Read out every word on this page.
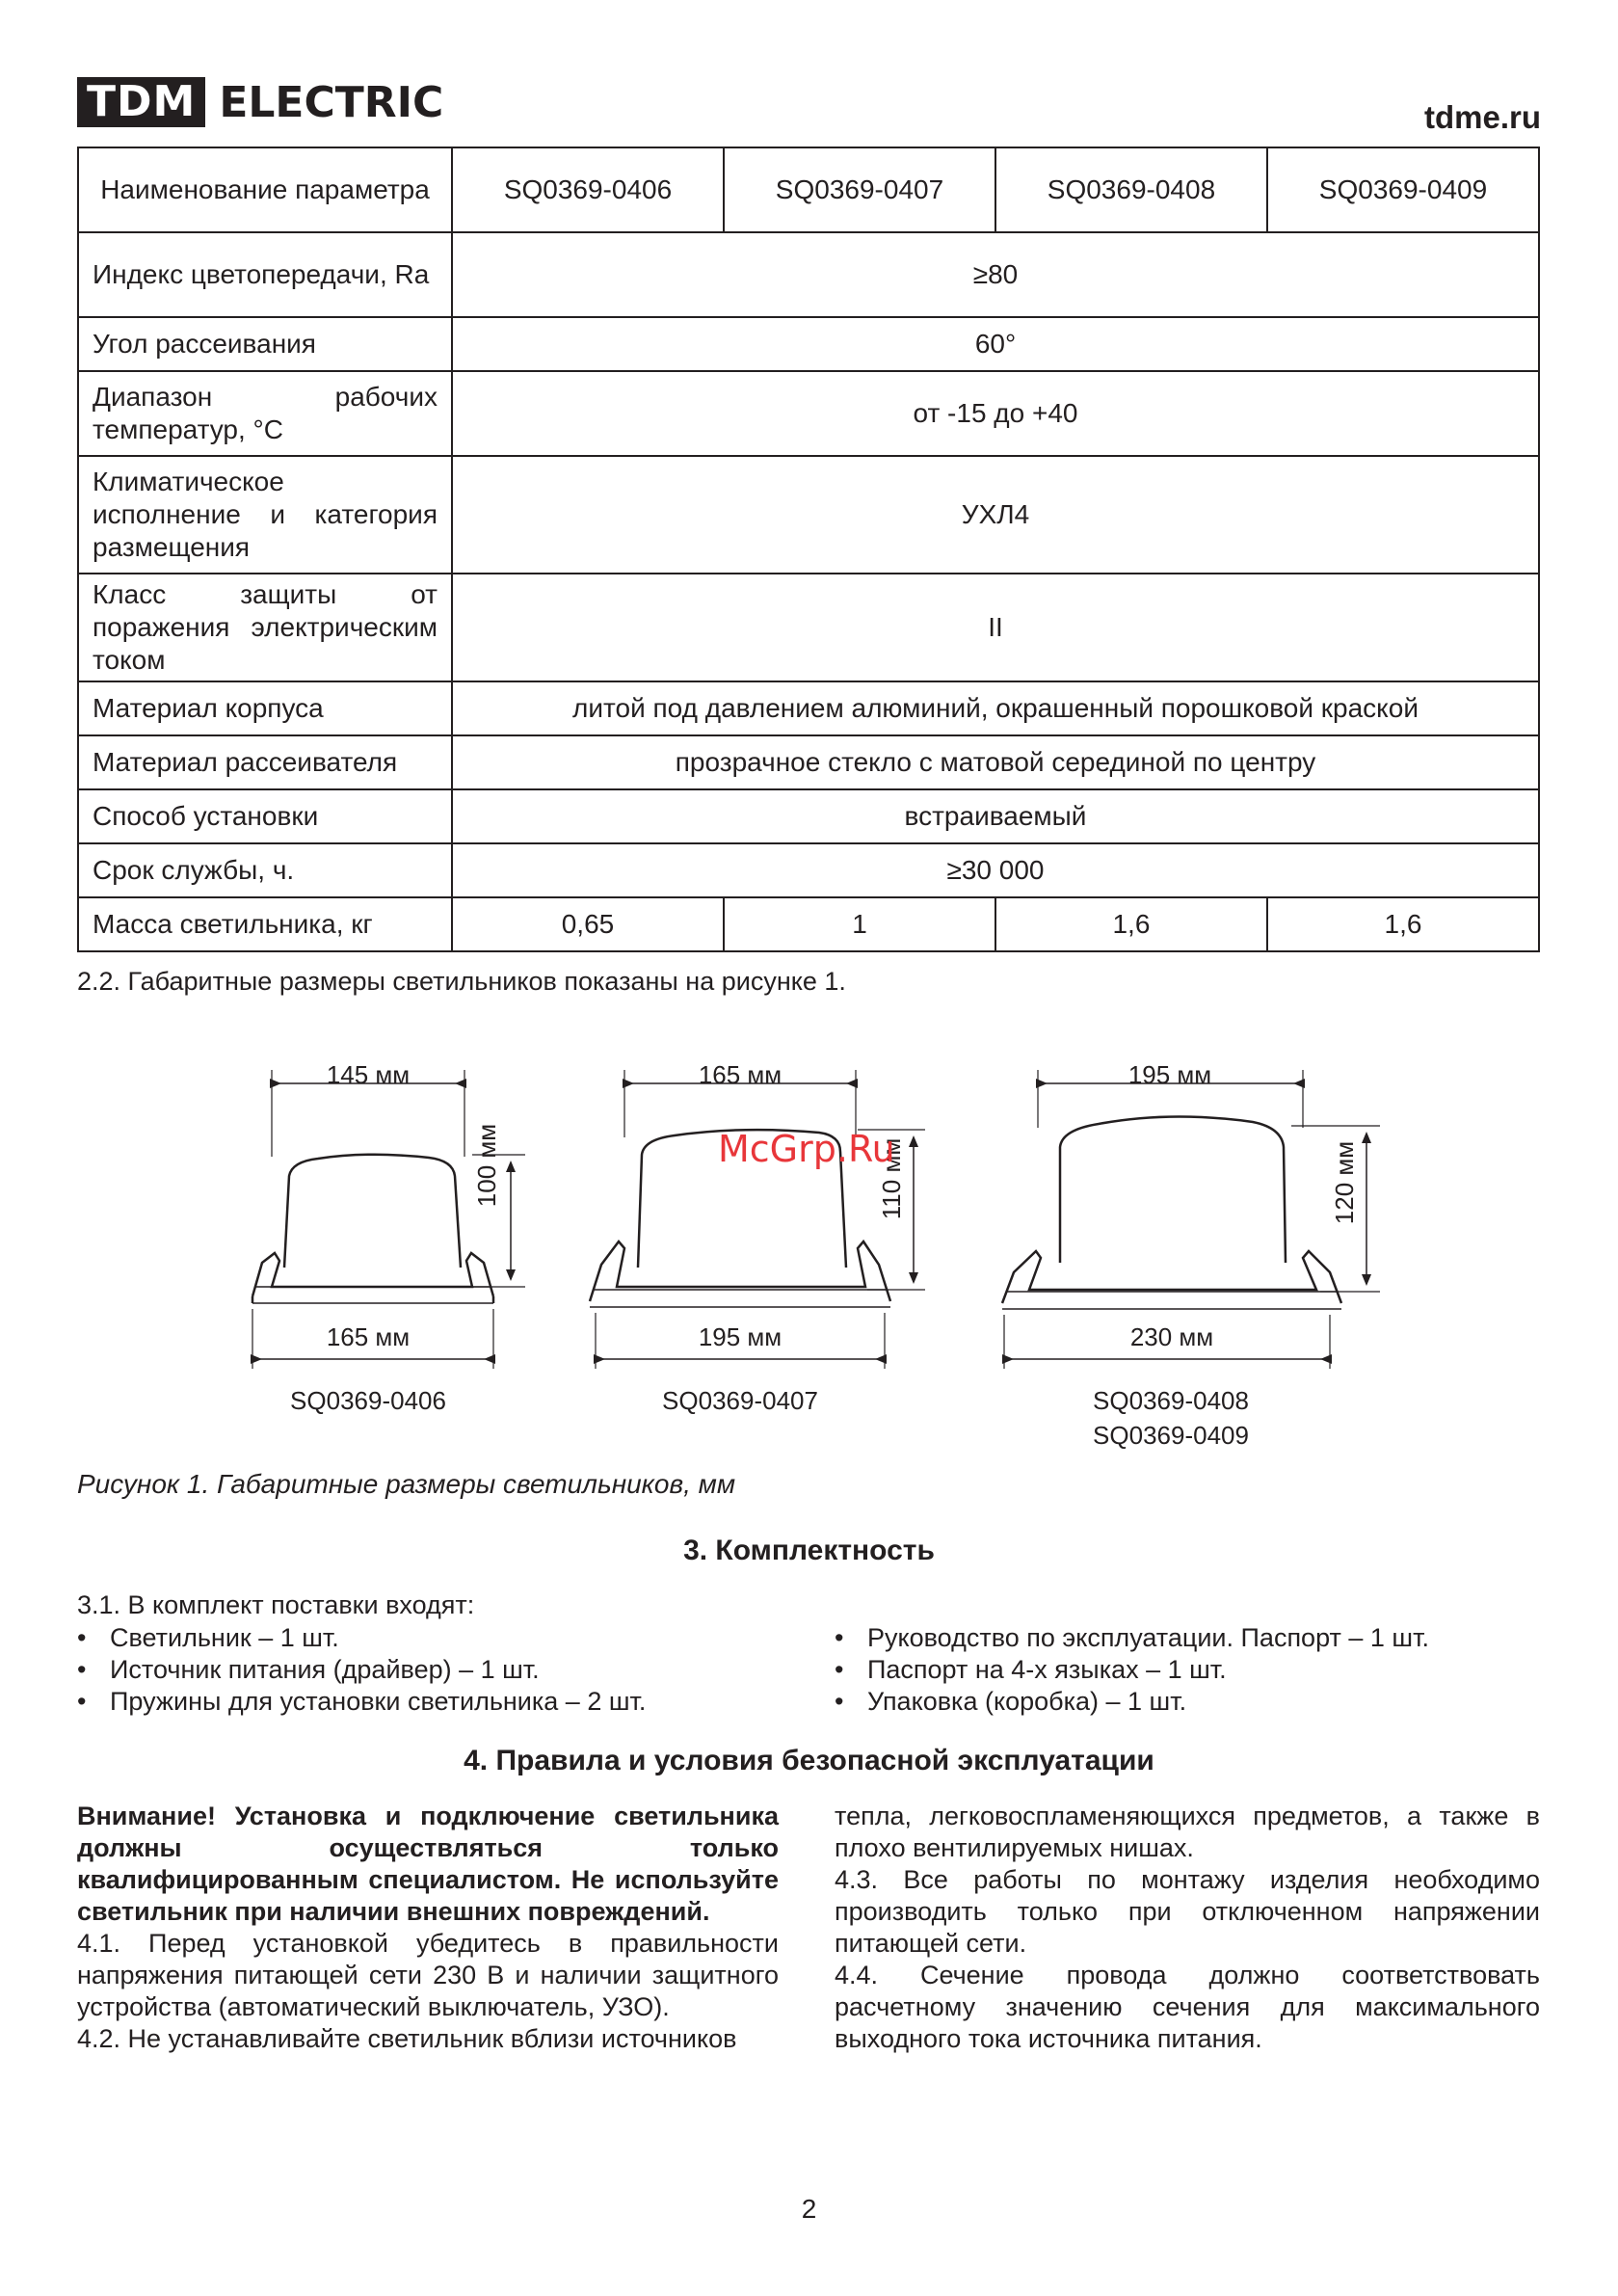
TDM ELECTRIC	tdme.ru
Наименование параметра	SQ0369-0406	SQ0369-0407	SQ0369-0408	SQ0369-0409
Индекс цветопередачи, Ra	≥80			
Угол рассеивания	60°			
Диапазон рабочих температур, °С	от -15 до +40			
Климатическое исполнение и категория размещения	УХЛ4			
Класс защиты от поражения электрическим током	II			
Материал корпуса	литой под давлением алюминий, окрашенный порошковой краской			
Материал рассеивателя	прозрачное стекло с матовой серединой по центру			
Способ установки	встраиваемый			
Срок службы, ч.	≥30 000			
Масса светильника, кг	0,65	1	1,6	1,6
2.2. Габаритные размеры светильников показаны на рисунке 1.
145 мм
100 мм
165 мм
SQ0369-0406
165 мм
110 мм
195 мм
SQ0369-0407
195 мм
120 мм
230 мм
SQ0369-0408
SQ0369-0409
McGrp.Ru
Рисунок 1. Габаритные размеры светильников, мм
3. Комплектность
3.1. В комплект поставки входят:
• Светильник – 1 шт.
• Источник питания (драйвер) – 1 шт.
• Пружины для установки светильника – 2 шт.
• Руководство по эксплуатации. Паспорт – 1 шт.
• Паспорт на 4-х языках – 1 шт.
• Упаковка (коробка) – 1 шт.
4. Правила и условия безопасной эксплуатации
Внимание! Установка и подключение светильника должны осуществляться только квалифицированным специалистом. Не используйте светильник при наличии внешних повреждений.
4.1. Перед установкой убедитесь в правильности напряжения питающей сети 230 В и наличии защитного устройства (автоматический выключатель, УЗО).
4.2. Не устанавливайте светильник вблизи источников
тепла, легковоспламеняющихся предметов, а также в плохо вентилируемых нишах.
4.3. Все работы по монтажу изделия необходимо производить только при отключенном напряжении питающей сети.
4.4. Сечение провода должно соответствовать расчетному значению сечения для максимального выходного тока источника питания.
2
